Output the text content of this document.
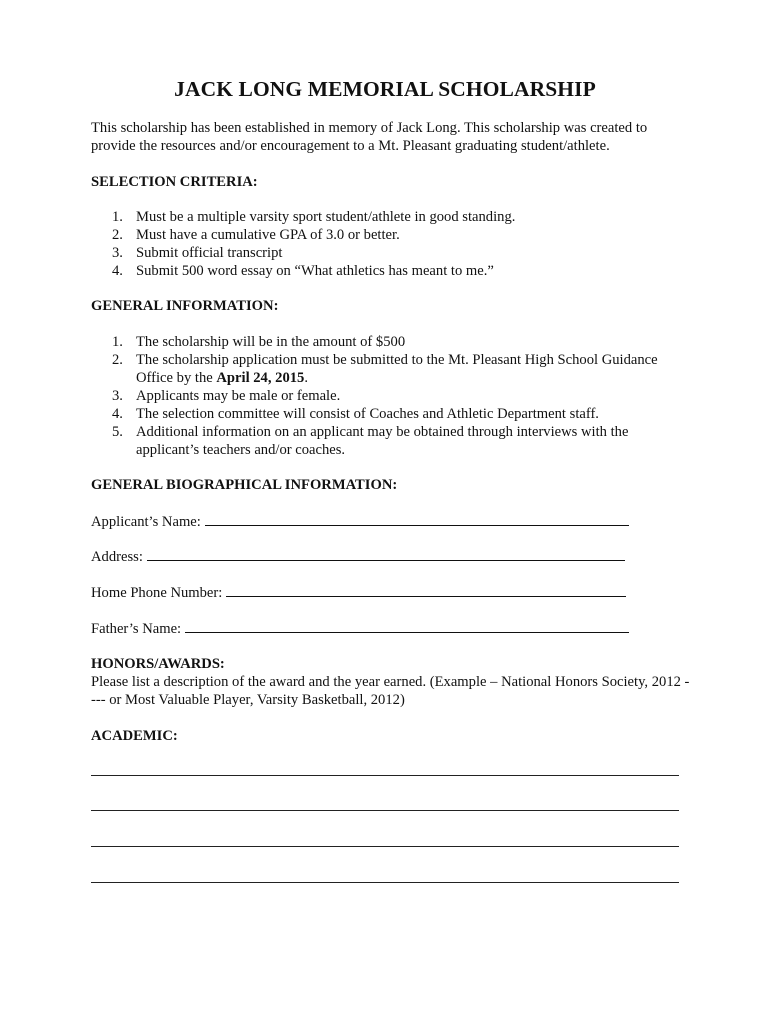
JACK LONG MEMORIAL SCHOLARSHIP
This scholarship has been established in memory of Jack Long. This scholarship was created to provide the resources and/or encouragement to a Mt. Pleasant graduating student/athlete.
SELECTION CRITERIA:
1. Must be a multiple varsity sport student/athlete in good standing.
2. Must have a cumulative GPA of 3.0 or better.
3. Submit official transcript
4. Submit 500 word essay on “What athletics has meant to me.”
GENERAL INFORMATION:
1. The scholarship will be in the amount of $500
2. The scholarship application must be submitted to the Mt. Pleasant High School Guidance Office by the April 24, 2015.
3. Applicants may be male or female.
4. The selection committee will consist of Coaches and Athletic Department staff.
5. Additional information on an applicant may be obtained through interviews with the applicant’s teachers and/or coaches.
GENERAL BIOGRAPHICAL INFORMATION:
Applicant’s Name:
Address:
Home Phone Number:
Father’s Name:
HONORS/AWARDS:
Please list a description of the award and the year earned. (Example – National Honors Society, 2012 ---- or Most Valuable Player, Varsity Basketball, 2012)
ACADEMIC:
